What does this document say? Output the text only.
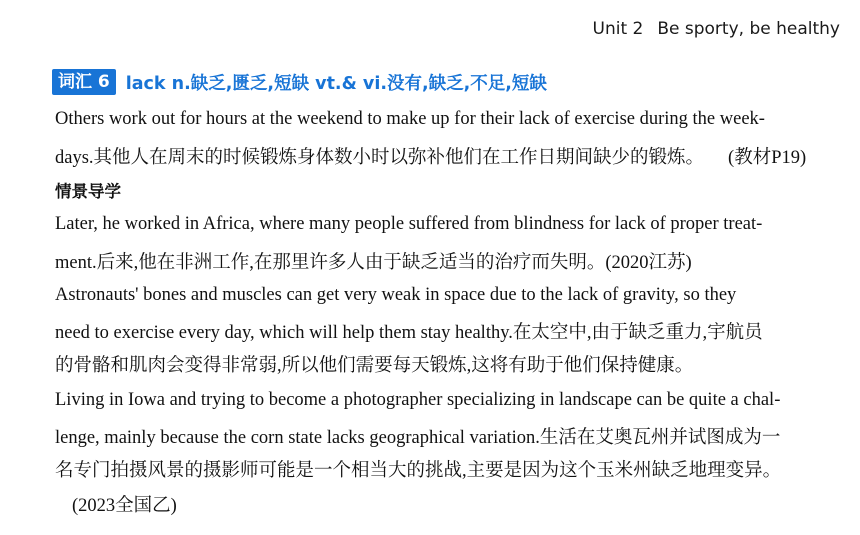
Unit 2 Be sporty, be healthy
词汇 6 lack n.缺乏,匮乏,短缺 vt.& vi.没有,缺乏,不足,短缺
Others work out for hours at the weekend to make up for their lack of exercise during the week-
days.其他人在周末的时候锻炼身体数小时以弥补他们在工作日期间缺少的锻炼。 (教材P19)
情景导学
Later, he worked in Africa, where many people suffered from blindness for lack of proper treat-
ment.后来,他在非洲工作,在那里许多人由于缺乏适当的治疗而失明。(2020江苏)
Astronauts' bones and muscles can get very weak in space due to the lack of gravity, so they
need to exercise every day, which will help them stay healthy.在太空中,由于缺乏重力,宇航员
的骨骼和肌肉会变得非常弱,所以他们需要每天锻炼,这将有助于他们保持健康。
Living in Iowa and trying to become a photographer specializing in landscape can be quite a chal-
lenge, mainly because the corn state lacks geographical variation.生活在艾奥瓦州并试图成为一
名专门拍摄风景的摄影师可能是一个相当大的挑战,主要是因为这个玉米州缺乏地理变异。
(2023全国乙)
